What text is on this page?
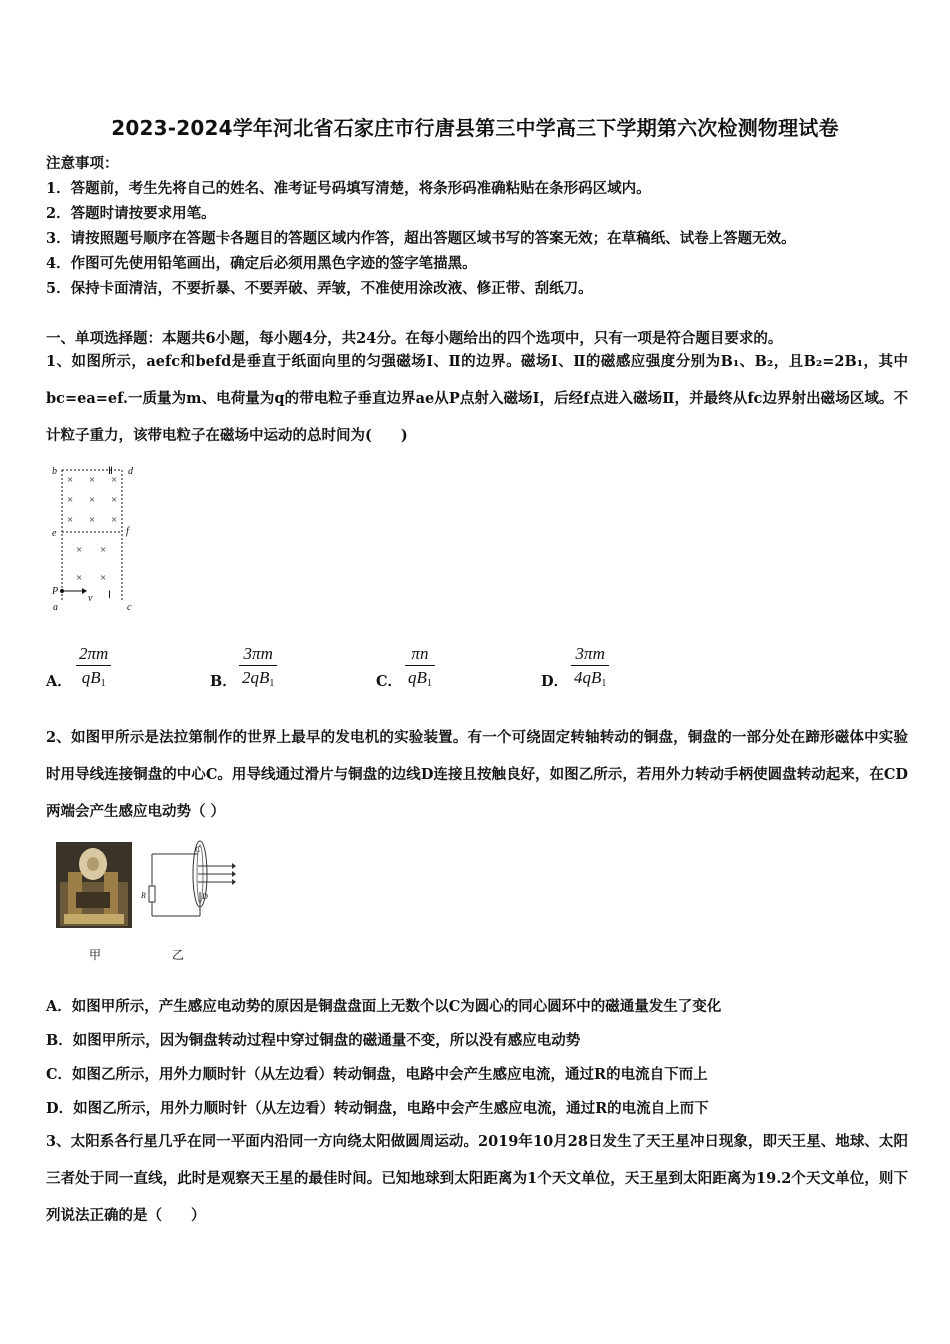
2023-2024学年河北省石家庄市行唐县第三中学高三下学期第六次检测物理试卷
注意事项：
1．答题前，考生先将自己的姓名、准考证号码填写清楚，将条形码准确粘贴在条形码区域内。
2．答题时请按要求用笔。
3．请按照题号顺序在答题卡各题目的答题区域内作答，超出答题区域书写的答案无效；在草稿纸、试卷上答题无效。
4．作图可先使用铅笔画出，确定后必须用黑色字迹的签字笔描黑。
5．保持卡面清洁，不要折暴、不要弄破、弄皱，不准使用涂改液、修正带、刮纸刀。
一、单项选择题：本题共6小题，每小题4分，共24分。在每小题给出的四个选项中，只有一项是符合题目要求的。
1、如图所示，aefc和befd是垂直于纸面向里的匀强磁场Ⅰ、Ⅱ的边界。磁场Ⅰ、Ⅱ的磁感应强度分别为B₁、B₂，且B₂=2B₁，其中bc=ea=ef.一质量为m、电荷量为q的带电粒子垂直边界ae从P点射入磁场Ⅰ，后经f点进入磁场Ⅱ，并最终从fc边界射出磁场区域。不计粒子重力，该带电粒子在磁场中运动的总时间为(　　)
b	d
Ⅱ
e	f
P
a
v Ⅰ
c
× × ×
× × ×
× × ×
× ×
× ×
A． $\frac{2\pi m}{qB_1}$	B． $\frac{3\pi m}{2qB_1}$	C． $\frac{\pi n}{qB_1}$	D． $\frac{3\pi m}{4qB_1}$
2、如图甲所示是法拉第制作的世界上最早的发电机的实验装置。有一个可绕固定转轴转动的铜盘，铜盘的一部分处在蹄形磁体中实验时用导线连接铜盘的中心C。用导线通过滑片与铜盘的边线D连接且按触良好，如图乙所示，若用外力转动手柄使圆盘转动起来，在CD两端会产生感应电动势（ ）
C
D
R
甲	乙
A．如图甲所示，产生感应电动势的原因是铜盘盘面上无数个以C为圆心的同心圆环中的磁通量发生了变化
B．如图甲所示，因为铜盘转动过程中穿过铜盘的磁通量不变，所以没有感应电动势
C．如图乙所示，用外力顺时针（从左边看）转动铜盘，电路中会产生感应电流，通过R的电流自下而上
D．如图乙所示，用外力顺时针（从左边看）转动铜盘，电路中会产生感应电流，通过R的电流自上而下
3、太阳系各行星几乎在同一平面内沿同一方向绕太阳做圆周运动。2019年10月28日发生了天王星冲日现象，即天王星、地球、太阳三者处于同一直线，此时是观察天王星的最佳时间。已知地球到太阳距离为1个天文单位，天王星到太阳距离为19.2个天文单位，则下列说法正确的是（　　）
